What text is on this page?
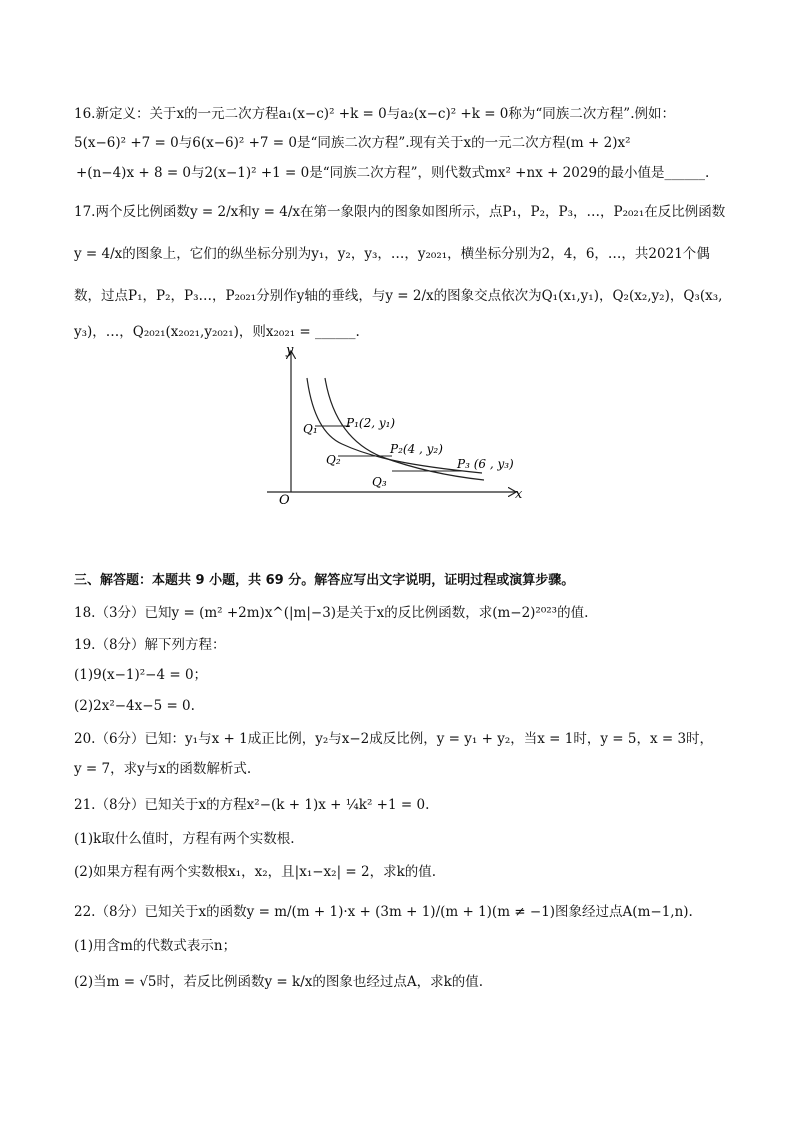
16.新定义：关于x的一元二次方程a₁(x−c)² +k = 0与a₂(x−c)² +k = 0称为“同族二次方程”.例如：
5(x−6)² +7 = 0与6(x−6)² +7 = 0是“同族二次方程”.现有关于x的一元二次方程(m + 2)x²
+(n−4)x + 8 = 0与2(x−1)² +1 = 0是“同族二次方程”，则代数式mx² +nx + 2029的最小值是______.
17.两个反比例函数y = 2/x和y = 4/x在第一象限内的图象如图所示，点P₁，P₂，P₃，…，P₂₀₂₁在反比例函数
y = 4/x的图象上，它们的纵坐标分别为y₁，y₂，y₃，…，y₂₀₂₁，横坐标分别为2，4，6，…，共2021个偶
数，过点P₁，P₂，P₃…，P₂₀₂₁分别作y轴的垂线，与y = 2/x的图象交点依次为Q₁(x₁,y₁)，Q₂(x₂,y₂)，Q₃(x₃,
y₃)，…，Q₂₀₂₁(x₂₀₂₁,y₂₀₂₁)，则x₂₀₂₁ = ______.
y
x
O
Q₁ P₁(2, y₁)
Q₂
P₂(4 , y₂)
Q₃
P₃ (6 , y₃)
三、解答题：本题共 9 小题，共 69 分。解答应写出文字说明，证明过程或演算步骤。
18.（3分）已知y = (m² +2m)x^(|m|−3)是关于x的反比例函数，求(m−2)²⁰²³的值.
19.（8分）解下列方程：
(1)9(x−1)²−4 = 0；
(2)2x²−4x−5 = 0.
20.（6分）已知：y₁与x + 1成正比例，y₂与x−2成反比例，y = y₁ + y₂，当x = 1时，y = 5，x = 3时，
y = 7，求y与x的函数解析式.
21.（8分）已知关于x的方程x²−(k + 1)x + ¼k² +1 = 0.
(1)k取什么值时，方程有两个实数根.
(2)如果方程有两个实数根x₁，x₂，且|x₁−x₂| = 2，求k的值.
22.（8分）已知关于x的函数y = m/(m + 1)·x + (3m + 1)/(m + 1)(m ≠ −1)图象经过点A(m−1,n).
(1)用含m的代数式表示n；
(2)当m = √5时，若反比例函数y = k/x的图象也经过点A，求k的值.
